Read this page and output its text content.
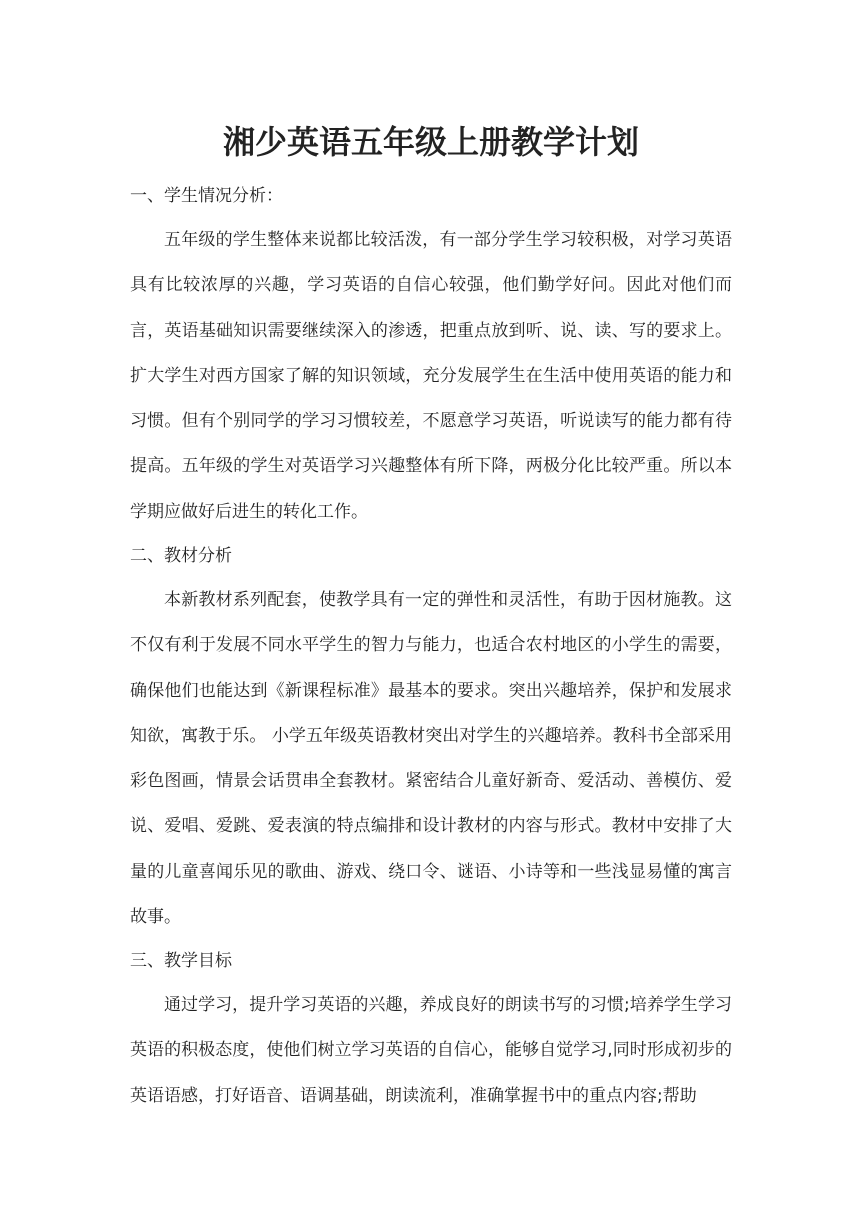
湘少英语五年级上册教学计划

一、学生情况分析：

五年级的学生整体来说都比较活泼，有一部分学生学习较积极，对学习英语具有比较浓厚的兴趣，学习英语的自信心较强，他们勤学好问。因此对他们而言，英语基础知识需要继续深入的渗透，把重点放到听、说、读、写的要求上。 扩大学生对西方国家了解的知识领域，充分发展学生在生活中使用英语的能力和习惯。但有个别同学的学习习惯较差，不愿意学习英语，听说读写的能力都有待提高。五年级的学生对英语学习兴趣整体有所下降，两极分化比较严重。所以本学期应做好后进生的转化工作。

二、教材分析

本新教材系列配套，使教学具有一定的弹性和灵活性，有助于因材施教。这不仅有利于发展不同水平学生的智力与能力，也适合农村地区的小学生的需要，确保他们也能达到《新课程标准》最基本的要求。突出兴趣培养，保护和发展求知欲，寓教于乐。 小学五年级英语教材突出对学生的兴趣培养。教科书全部采用彩色图画，情景会话贯串全套教材。紧密结合儿童好新奇、爱活动、善模仿、爱说、爱唱、爱跳、爱表演的特点编排和设计教材的内容与形式。教材中安排了大量的儿童喜闻乐见的歌曲、游戏、绕口令、谜语、小诗等和一些浅显易懂的寓言故事。

三、教学目标

通过学习，提升学习英语的兴趣，养成良好的朗读书写的习惯;培养学生学习英语的积极态度，使他们树立学习英语的自信心，能够自觉学习,同时形成初步的英语语感，打好语音、语调基础，朗读流利，准确掌握书中的重点内容;帮助
